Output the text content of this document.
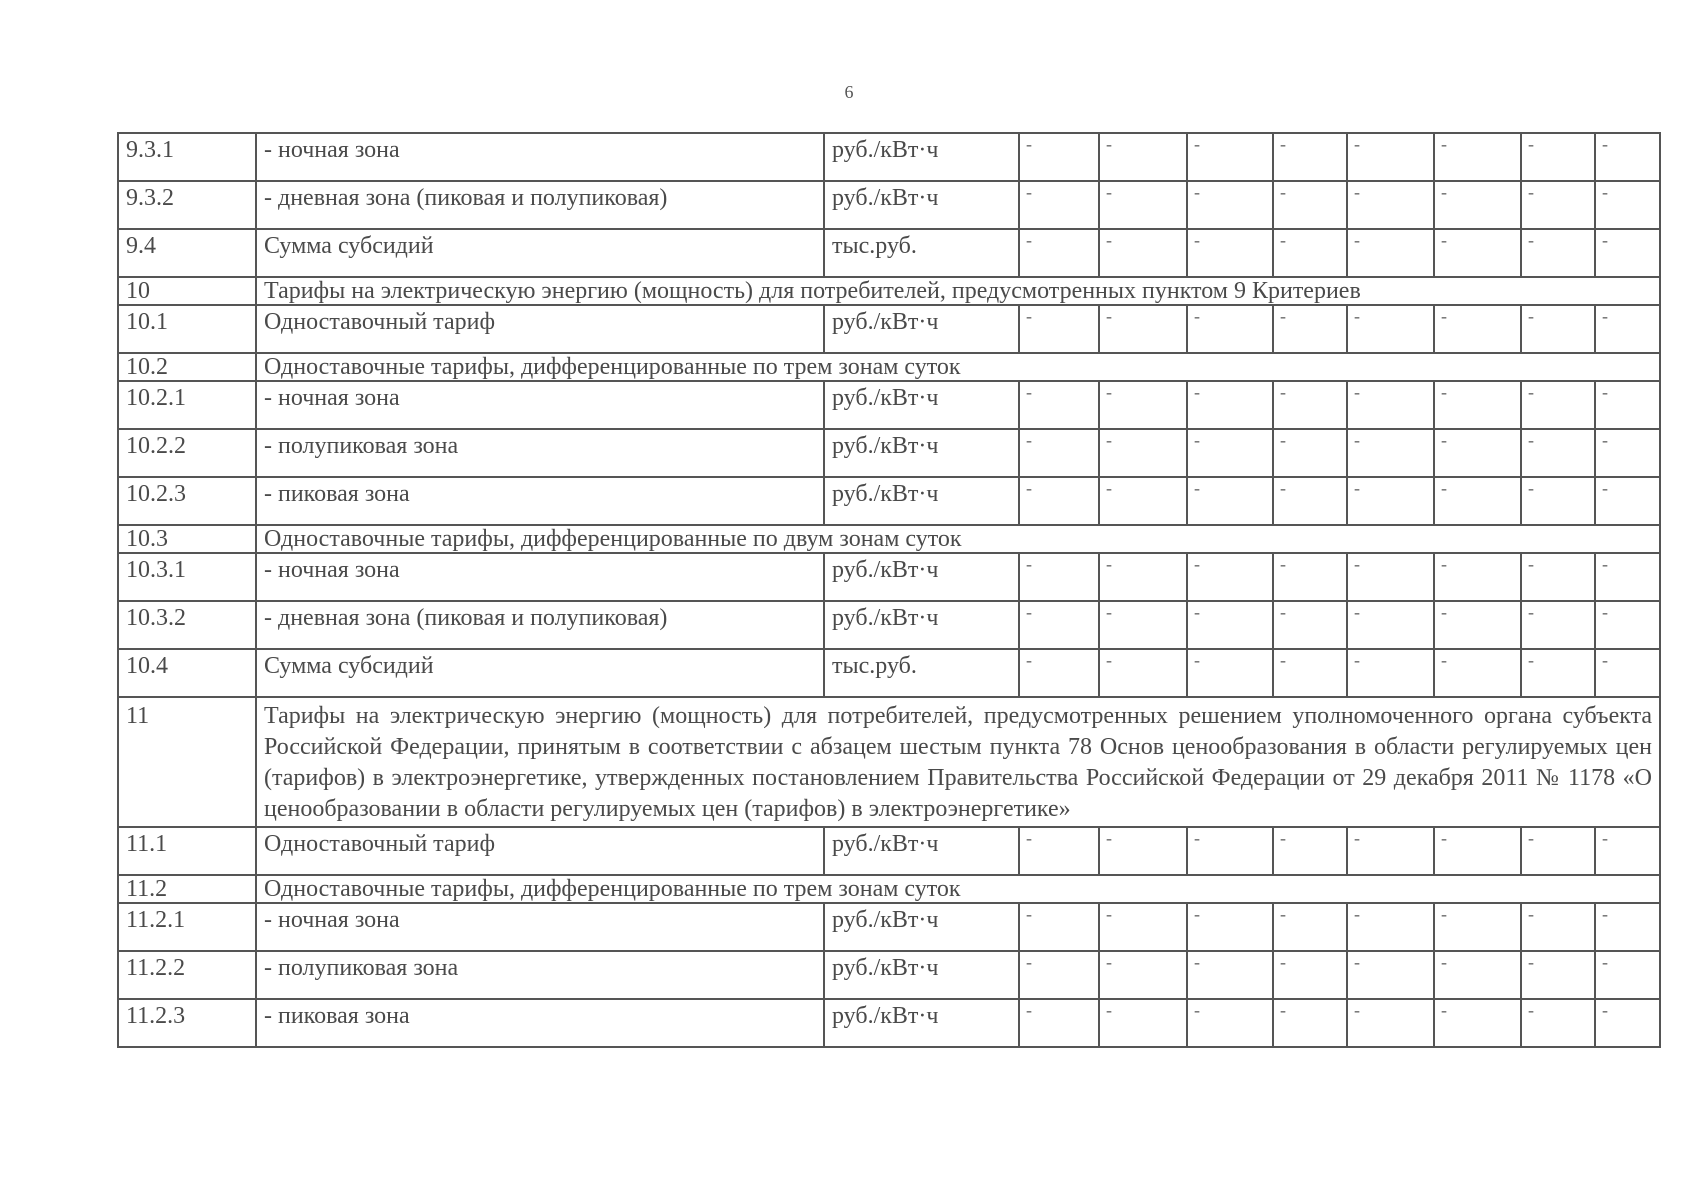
6
9.3.1	- ночная зона	руб./кВт·ч	-	-	-	-	-	-	-	-
9.3.2	- дневная зона (пиковая и полупиковая)	руб./кВт·ч	-	-	-	-	-	-	-	-
9.4	Сумма субсидий	тыс.руб.	-	-	-	-	-	-	-	-
10	Тарифы на электрическую энергию (мощность) для потребителей, предусмотренных пунктом 9 Критериев									
10.1	Одноставочный тариф	руб./кВт·ч	-	-	-	-	-	-	-	-
10.2	Одноставочные тарифы, дифференцированные по трем зонам суток									
10.2.1	- ночная зона	руб./кВт·ч	-	-	-	-	-	-	-	-
10.2.2	- полупиковая зона	руб./кВт·ч	-	-	-	-	-	-	-	-
10.2.3	- пиковая зона	руб./кВт·ч	-	-	-	-	-	-	-	-
10.3	Одноставочные тарифы, дифференцированные по двум зонам суток									
10.3.1	- ночная зона	руб./кВт·ч	-	-	-	-	-	-	-	-
10.3.2	- дневная зона (пиковая и полупиковая)	руб./кВт·ч	-	-	-	-	-	-	-	-
10.4	Сумма субсидий	тыс.руб.	-	-	-	-	-	-	-	-
11	Тарифы на электрическую энергию (мощность) для потребителей, предусмотренных решением уполномоченного органа субъекта Российской Федерации, принятым в соответствии с абзацем шестым пункта 78 Основ ценообразования в области регулируемых цен (тарифов) в электроэнергетике, утвержденных постановлением Правительства Российской Федерации от 29 декабря 2011 № 1178 «О ценообразовании в области регулируемых цен (тарифов) в электроэнергетике»									
11.1	Одноставочный тариф	руб./кВт·ч	-	-	-	-	-	-	-	-
11.2	Одноставочные тарифы, дифференцированные по трем зонам суток									
11.2.1	- ночная зона	руб./кВт·ч	-	-	-	-	-	-	-	-
11.2.2	- полупиковая зона	руб./кВт·ч	-	-	-	-	-	-	-	-
11.2.3	- пиковая зона	руб./кВт·ч	-	-	-	-	-	-	-	-
